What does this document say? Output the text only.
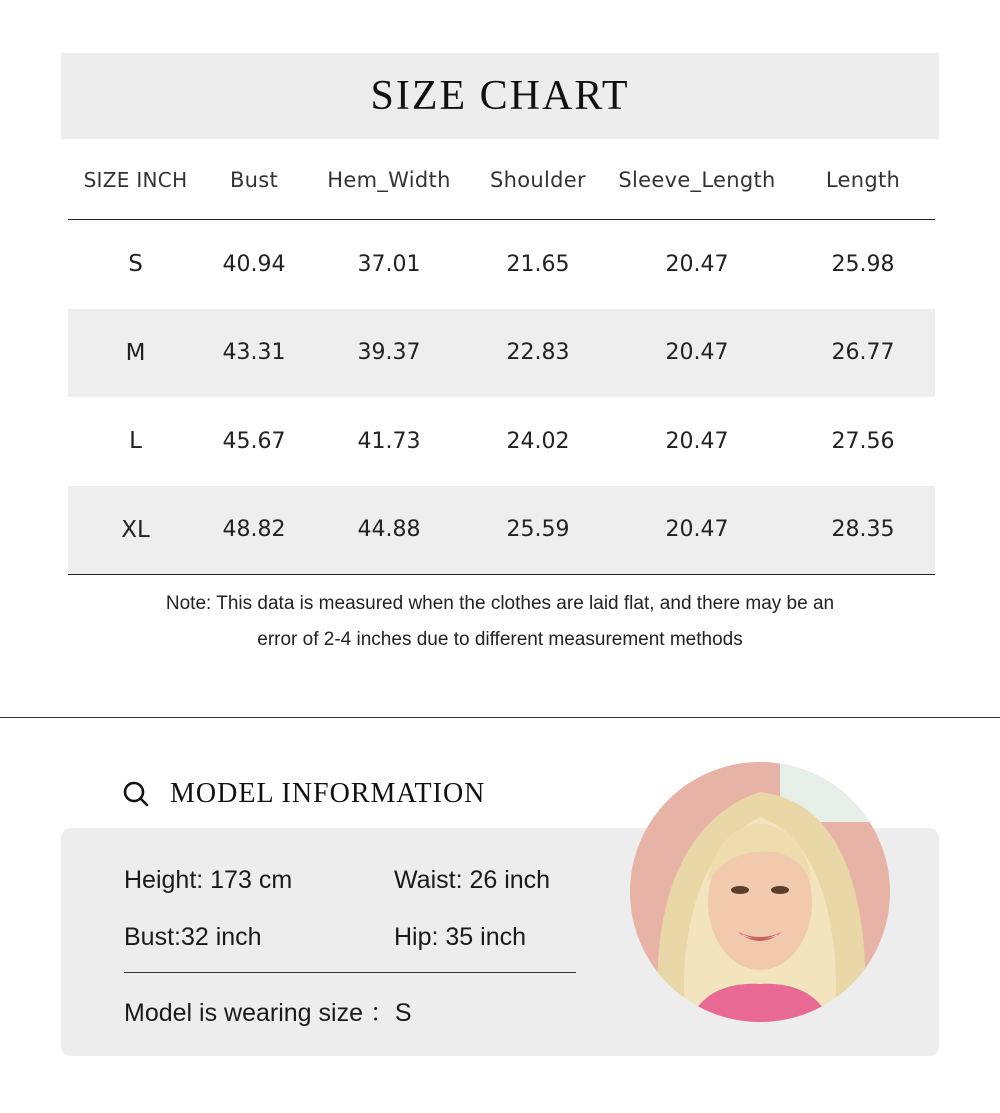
SIZE CHART
SIZE INCH	Bust	Hem_Width	Shoulder	Sleeve_Length	Length
S	40.94	37.01	21.65	20.47	25.98
M	43.31	39.37	22.83	20.47	26.77
L	45.67	41.73	24.02	20.47	27.56
XL	48.82	44.88	25.59	20.47	28.35
Note: This data is measured when the clothes are laid flat, and there may be an
error of 2-4 inches due to different measurement methods
MODEL INFORMATION
Height: 173 cm	Waist: 26 inch
Bust:32 inch	Hip: 35 inch
Model is wearing size ：S
